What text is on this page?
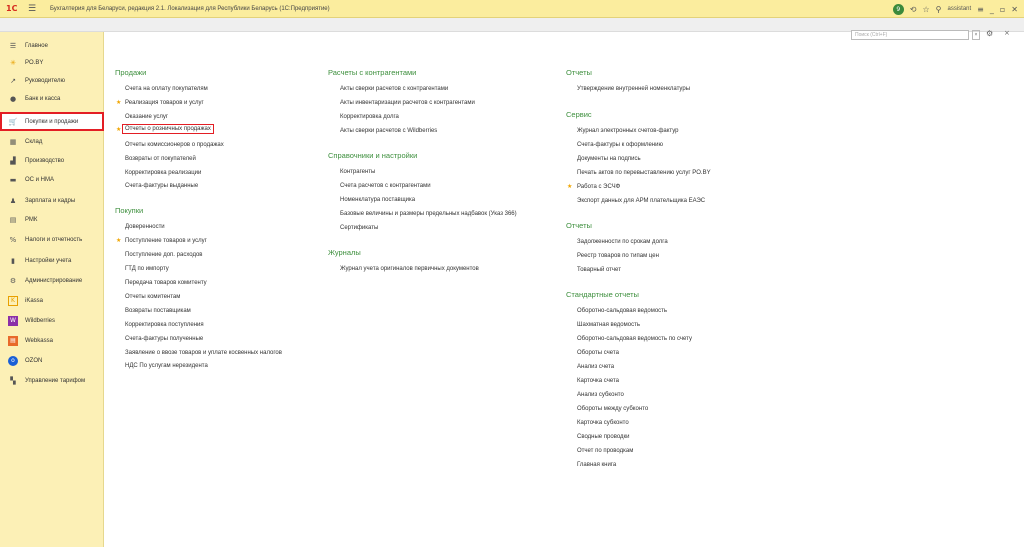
1С	☰	Бухгалтерия для Беларуси, редакция 2.1. Локализация для Республики Беларусь (1С:Предприятие)	9	⟲ ☆ ⚲ assistant ≡ _ ▫ ✕
☰	Главное
✳	PO.BY
↗	Руководителю
●	Банк и касса
🛒 Покупки и продажи
▦ Склад
▟	Производство
▬ ОС и НМА
♟	Зарплата и кадры
▤ РМК
% Налоги и отчетность
▮	Настройки учета
⚙	Администрирование
K	iKassa
W	Wildberries
▤	Webkassa
o	OZON
▚	Управление тарифом
Поиск (Ctrl+F)	×	⚙ ×
Продажи
Счета на оплату покупателям
★ Реализация товаров и услуг
Оказание услуг
★ Отчеты о розничных продажах
Отчеты комиссионеров о продажах
Возвраты от покупателей
Корректировка реализации
Счета-фактуры выданные
Покупки
Доверенности
★ Поступление товаров и услуг
Поступление доп. расходов
ГТД по импорту
Передача товаров комитенту
Отчеты комитентам
Возвраты поставщикам
Корректировка поступления
Счета-фактуры полученные
Заявление о ввозе товаров и уплате косвенных налогов
НДС По услугам нерезидента
Расчеты с контрагентами
Акты сверки расчетов с контрагентами
Акты инвентаризации расчетов с контрагентами
Корректировка долга
Акты сверки расчетов с Wildberries
Справочники и настройки
Контрагенты
Счета расчетов с контрагентами
Номенклатура поставщика
Базовые величины и размеры предельных надбавок (Указ 366)
Сертификаты
Журналы
Журнал учета оригиналов первичных документов
Отчеты
Утверждение внутренней номенклатуры
Сервис
Журнал электронных счетов-фактур
Счета-фактуры к оформлению
Документы на подпись
Печать актов по перевыставлению услуг PO.BY
★ Работа с ЭСЧФ
Экспорт данных для АРМ плательщика ЕАЭС
Отчеты
Задолженности по срокам долга
Реестр товаров по типам цен
Товарный отчет
Стандартные отчеты
Оборотно-сальдовая ведомость
Шахматная ведомость
Оборотно-сальдовая ведомость по счету
Обороты счета
Анализ счета
Карточка счета
Анализ субконто
Обороты между субконто
Карточка субконто
Сводные проводки
Отчет по проводкам
Главная книга
